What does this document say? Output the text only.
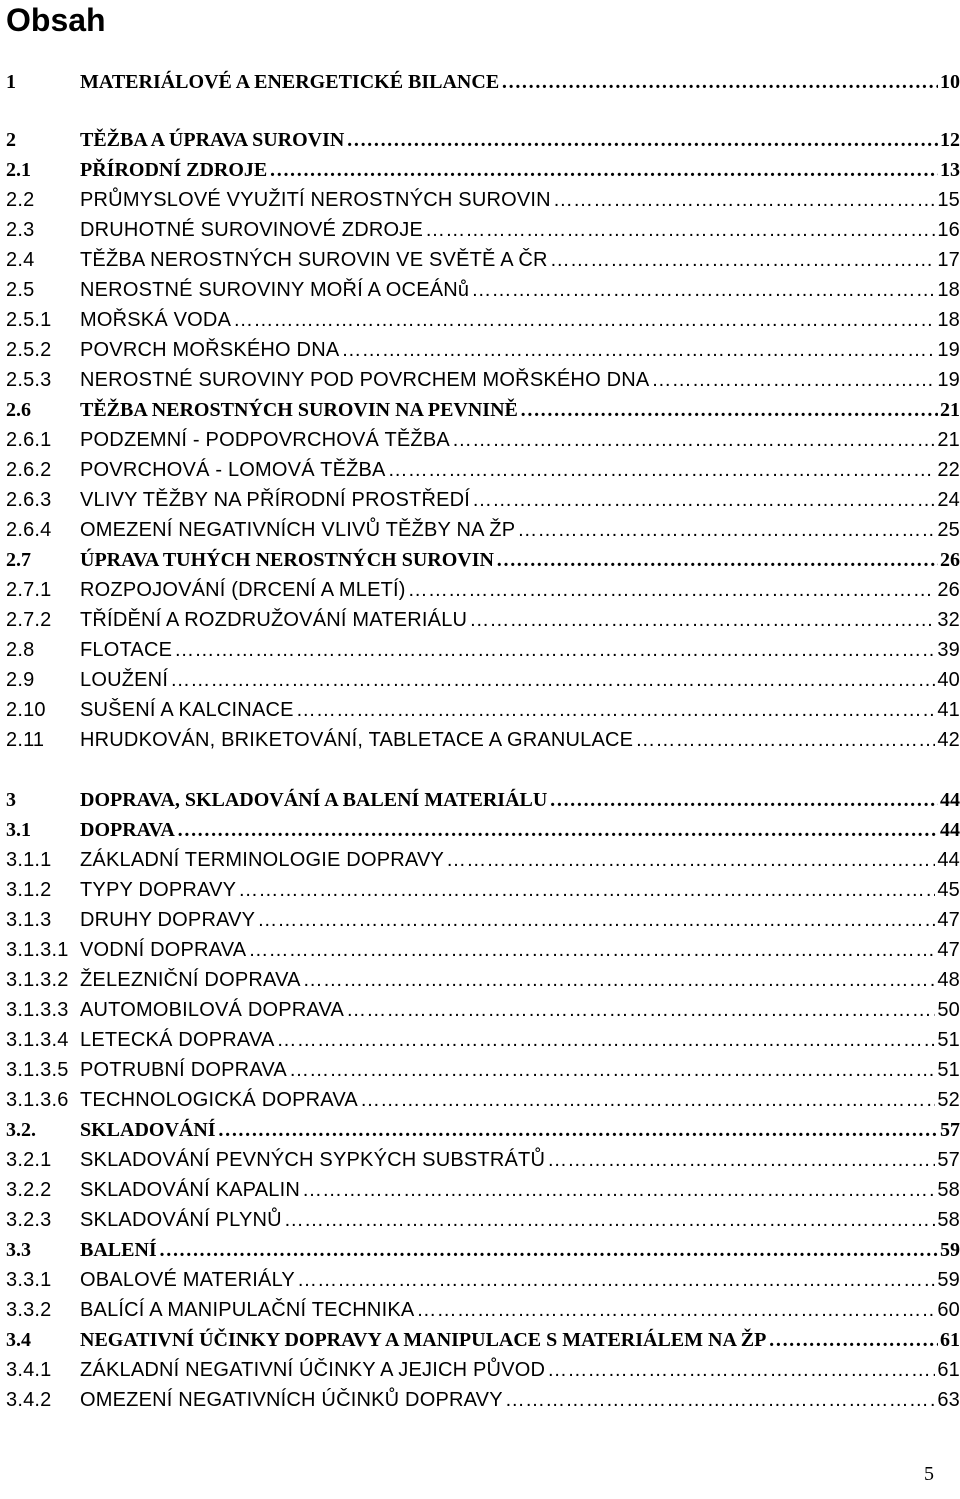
Obsah
1	MATERIÁLOVÉ A ENERGETICKÉ BILANCE ………………………………………………………………………………………………………………………………………………	10
2	TĚŽBA A ÚPRAVA SUROVIN ………………………………………………………………………………………………………………………………………………	12
2.1	PŘÍRODNÍ ZDROJE ………………………………………………………………………………………………………………………………………………	13
2.2	PRŮMYSLOVÉ VYUŽITÍ NEROSTNÝCH SUROVIN ………………………………………………………………………………………………………………………………………………	15
2.3	DRUHOTNÉ SUROVINOVÉ ZDROJE ………………………………………………………………………………………………………………………………………………	16
2.4	TĚŽBA NEROSTNÝCH SUROVIN VE SVĚTĚ A ČR ………………………………………………………………………………………………………………………………………………	17
2.5	NEROSTNÉ SUROVINY MOŘÍ A OCEÁNů ………………………………………………………………………………………………………………………………………………	18
2.5.1	MOŘSKÁ VODA ………………………………………………………………………………………………………………………………………………	18
2.5.2	POVRCH MOŘSKÉHO DNA ………………………………………………………………………………………………………………………………………………	19
2.5.3	NEROSTNÉ SUROVINY POD POVRCHEM MOŘSKÉHO DNA ………………………………………………………………………………………………………………………………………………	19
2.6	TĚŽBA NEROSTNÝCH SUROVIN NA PEVNINĚ ………………………………………………………………………………………………………………………………………………	21
2.6.1	PODZEMNÍ - PODPOVRCHOVÁ TĚŽBA ………………………………………………………………………………………………………………………………………………	21
2.6.2	POVRCHOVÁ - LOMOVÁ TĚŽBA ………………………………………………………………………………………………………………………………………………	22
2.6.3	VLIVY TĚŽBY NA PŘÍRODNÍ PROSTŘEDÍ ………………………………………………………………………………………………………………………………………………	24
2.6.4	OMEZENÍ NEGATIVNÍCH VLIVŮ TĚŽBY NA ŽP ………………………………………………………………………………………………………………………………………………	25
2.7	ÚPRAVA TUHÝCH NEROSTNÝCH SUROVIN ………………………………………………………………………………………………………………………………………………	26
2.7.1	ROZPOJOVÁNÍ (DRCENÍ A MLETÍ) ………………………………………………………………………………………………………………………………………………	26
2.7.2	TŘÍDĚNÍ A ROZDRUŽOVÁNÍ MATERIÁLU ………………………………………………………………………………………………………………………………………………	32
2.8	FLOTACE ………………………………………………………………………………………………………………………………………………	39
2.9	LOUŽENÍ ………………………………………………………………………………………………………………………………………………	40
2.10	SUŠENÍ A KALCINACE ………………………………………………………………………………………………………………………………………………	41
2.11	HRUDKOVÁN, BRIKETOVÁNÍ, TABLETACE A GRANULACE ………………………………………………………………………………………………………………………………………………	42
3	DOPRAVA, SKLADOVÁNÍ A BALENÍ MATERIÁLU ………………………………………………………………………………………………………………………………………………	44
3.1	DOPRAVA ………………………………………………………………………………………………………………………………………………	44
3.1.1	ZÁKLADNÍ TERMINOLOGIE DOPRAVY ………………………………………………………………………………………………………………………………………………	44
3.1.2	TYPY DOPRAVY ………………………………………………………………………………………………………………………………………………	45
3.1.3	DRUHY DOPRAVY ………………………………………………………………………………………………………………………………………………	47
3.1.3.1 VODNÍ DOPRAVA ………………………………………………………………………………………………………………………………………………	47
3.1.3.2 ŽELEZNIČNÍ DOPRAVA ………………………………………………………………………………………………………………………………………………	48
3.1.3.3 AUTOMOBILOVÁ DOPRAVA ………………………………………………………………………………………………………………………………………………	50
3.1.3.4 LETECKÁ DOPRAVA ………………………………………………………………………………………………………………………………………………	51
3.1.3.5 POTRUBNÍ DOPRAVA ………………………………………………………………………………………………………………………………………………	51
3.1.3.6 TECHNOLOGICKÁ DOPRAVA ………………………………………………………………………………………………………………………………………………	52
3.2.	SKLADOVÁNÍ ………………………………………………………………………………………………………………………………………………	57
3.2.1	SKLADOVÁNÍ PEVNÝCH SYPKÝCH SUBSTRÁTŮ ………………………………………………………………………………………………………………………………………………	57
3.2.2	SKLADOVÁNÍ KAPALIN ………………………………………………………………………………………………………………………………………………	58
3.2.3	SKLADOVÁNÍ PLYNŮ ………………………………………………………………………………………………………………………………………………	58
3.3	BALENÍ ………………………………………………………………………………………………………………………………………………	59
3.3.1	OBALOVÉ MATERIÁLY ………………………………………………………………………………………………………………………………………………	59
3.3.2	BALÍCÍ A MANIPULAČNÍ TECHNIKA ………………………………………………………………………………………………………………………………………………	60
3.4	NEGATIVNÍ ÚČINKY DOPRAVY A MANIPULACE S MATERIÁLEM NA ŽP ………………………………………………………………………………………………………………………………………………	61
3.4.1	ZÁKLADNÍ NEGATIVNÍ ÚČINKY A JEJICH PŮVOD ………………………………………………………………………………………………………………………………………………	61
3.4.2	OMEZENÍ NEGATIVNÍCH ÚČINKŮ DOPRAVY ………………………………………………………………………………………………………………………………………………	63
5
